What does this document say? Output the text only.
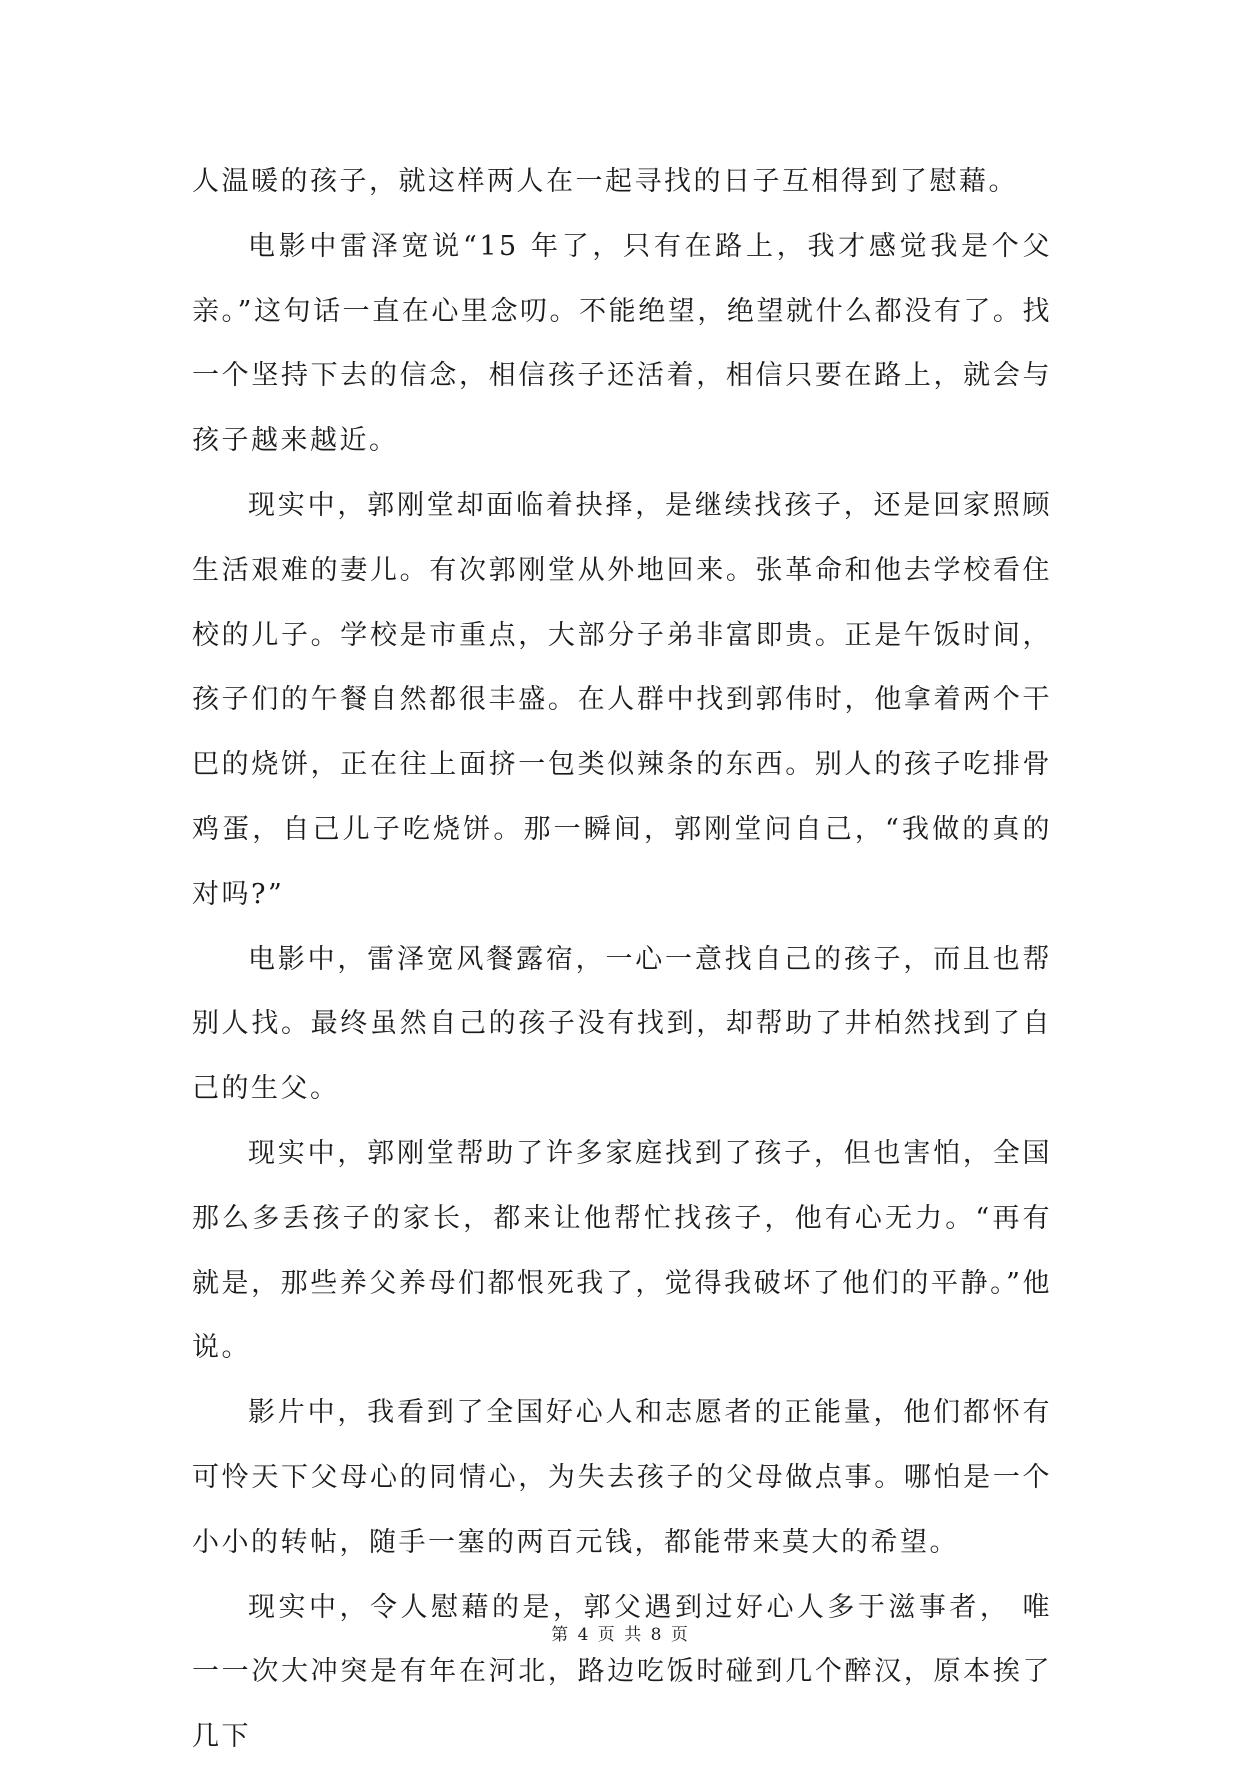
人温暖的孩子，就这样两人在一起寻找的日子互相得到了慰藉。

电影中雷泽宽说“15 年了，只有在路上，我才感觉我是个父亲。”这句话一直在心里念叨。不能绝望，绝望就什么都没有了。找一个坚持下去的信念，相信孩子还活着，相信只要在路上，就会与孩子越来越近。

现实中，郭刚堂却面临着抉择，是继续找孩子，还是回家照顾生活艰难的妻儿。有次郭刚堂从外地回来。张革命和他去学校看住校的儿子。学校是市重点，大部分子弟非富即贵。正是午饭时间，孩子们的午餐自然都很丰盛。在人群中找到郭伟时，他拿着两个干巴的烧饼，正在往上面挤一包类似辣条的东西。别人的孩子吃排骨鸡蛋，自己儿子吃烧饼。那一瞬间，郭刚堂问自己，“我做的真的对吗?”

电影中，雷泽宽风餐露宿，一心一意找自己的孩子，而且也帮别人找。最终虽然自己的孩子没有找到，却帮助了井柏然找到了自己的生父。

现实中，郭刚堂帮助了许多家庭找到了孩子，但也害怕，全国那么多丢孩子的家长，都来让他帮忙找孩子，他有心无力。“再有就是，那些养父养母们都恨死我了，觉得我破坏了他们的平静。”他说。

影片中，我看到了全国好心人和志愿者的正能量，他们都怀有可怜天下父母心的同情心，为失去孩子的父母做点事。哪怕是一个小小的转帖，随手一塞的两百元钱，都能带来莫大的希望。

现实中，令人慰藉的是，郭父遇到过好心人多于滋事者， 唯一一次大冲突是有年在河北，路边吃饭时碰到几个醉汉，原本挨了几下

第 4 页 共 8 页
